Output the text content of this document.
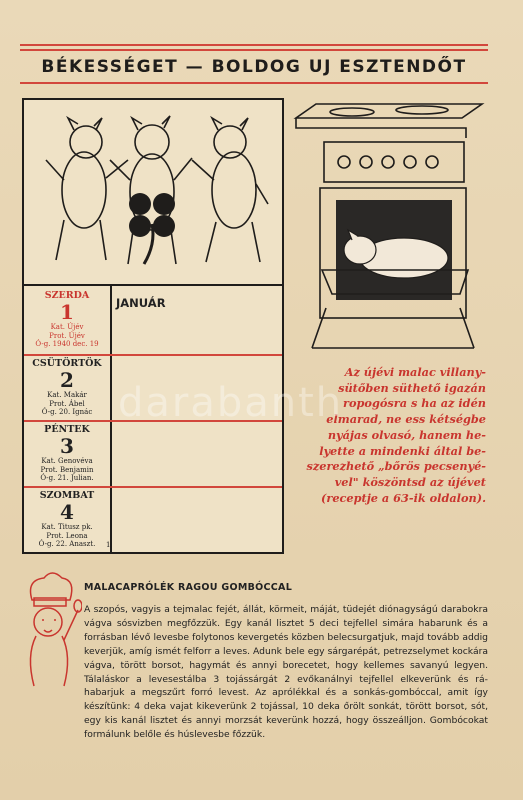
BÉKESSÉGET — BOLDOG UJ ESZTENDŐT
SZERDA
1
Kat. Újév
Prot. Újév
Ó-g. 1940 dec. 19
CSÜTÖRTÖK
2
Kat. Makár
Prot. Ábel
Ó-g. 20. Ignác
PÉNTEK
3
Kat. Genovéva
Prot. Benjamin
Ó-g. 21. Julian.
SZOMBAT
4
Kat. Titusz pk.
Prot. Leona
Ó-g. 22. Anaszt.
JANUÁR
1
Az újévi malac villany-
sütőben süthető igazán
ropogósra s ha az idén
elmarad, ne ess kétségbe
nyájas olvasó, hanem he-
lyette a mindenki által be-
szerezhető „bőrös pecsenyé-
vel" köszöntsd az újévet
(receptje a 63-ik oldalon).
darabanth
MALACAPRÓLÉK RAGOU GOMBÓCCAL
A szopós, vagyis a tejmalac fejét, állát, körmeit, máját, tüdejét diónagyságú darabokra vágva sósvizben megfőzzük. Egy kanál lisztet 5 deci tejfellel simára habarunk és a forrásban lévő levesbe folytonos kevergetés közben belecsurgatjuk, majd tovább addig keverjük, amíg ismét felforr a leves. Adunk bele egy sárgarépát, petrezselymet kockára vágva, törött borsot, hagymát és annyi borecetet, hogy kellemes savanyú legyen. Tálaláskor a levesestálba 3 tojássárgát 2 evőkanálnyi tejfellel elkeverünk és rá-habarjuk a megszűrt forró levest. Az aprólékkal és a sonkás-gombóccal, amit így készítünk: 4 deka vajat kikeverünk 2 tojással, 10 deka őrölt sonkát, törött borsot, sót, egy kis kanál lisztet és annyi morzsát keverünk hozzá, hogy összeálljon. Gombócokat formálunk belőle és húslevesbe főzzük.
